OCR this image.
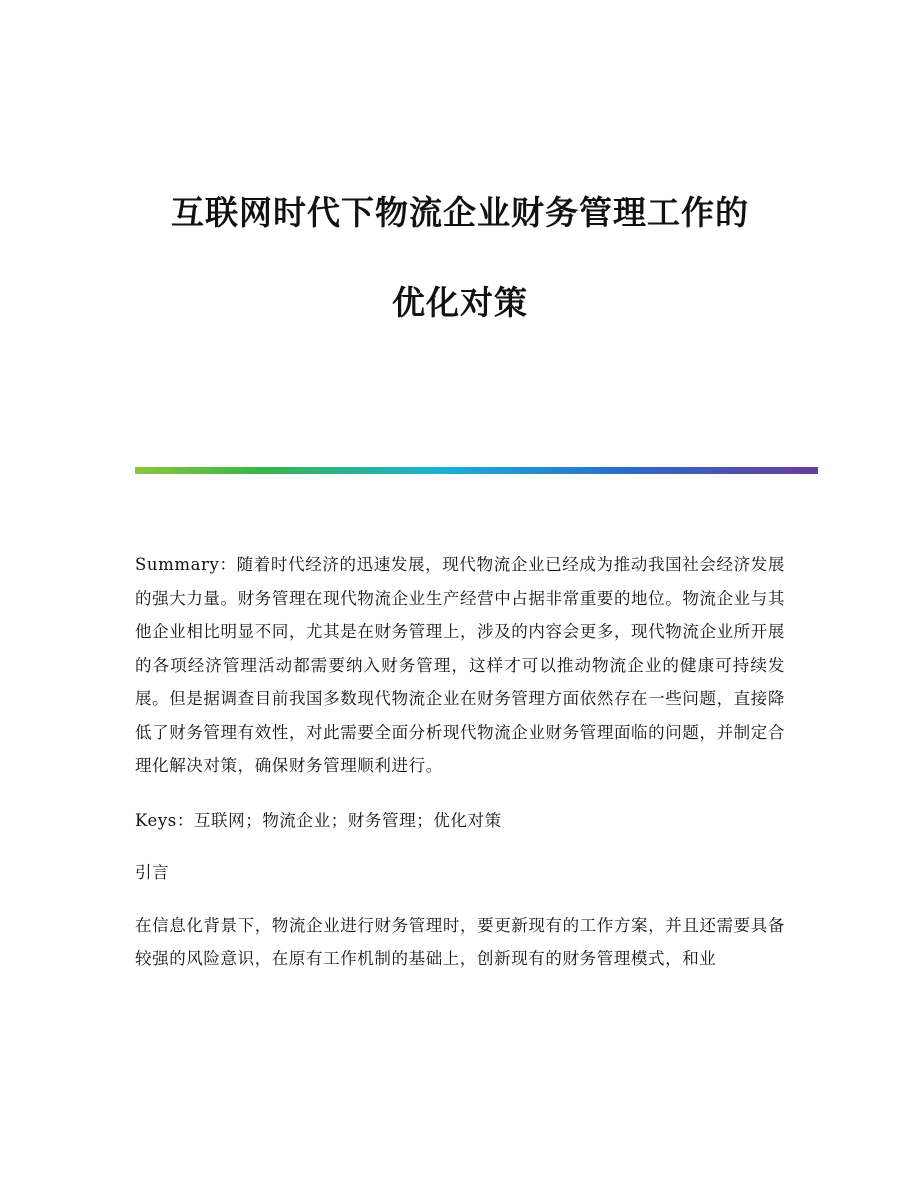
互联网时代下物流企业财务管理工作的

优化对策

Summary：随着时代经济的迅速发展，现代物流企业已经成为推动我国社会经济发展的强大力量。财务管理在现代物流企业生产经营中占据非常重要的地位。物流企业与其他企业相比明显不同，尤其是在财务管理上，涉及的内容会更多，现代物流企业所开展的各项经济管理活动都需要纳入财务管理，这样才可以推动物流企业的健康可持续发展。但是据调查目前我国多数现代物流企业在财务管理方面依然存在一些问题，直接降低了财务管理有效性，对此需要全面分析现代物流企业财务管理面临的问题，并制定合理化解决对策，确保财务管理顺利进行。

Keys：互联网；物流企业；财务管理；优化对策

引言

在信息化背景下，物流企业进行财务管理时，要更新现有的工作方案，并且还需要具备较强的风险意识，在原有工作机制的基础上，创新现有的财务管理模式，和业
